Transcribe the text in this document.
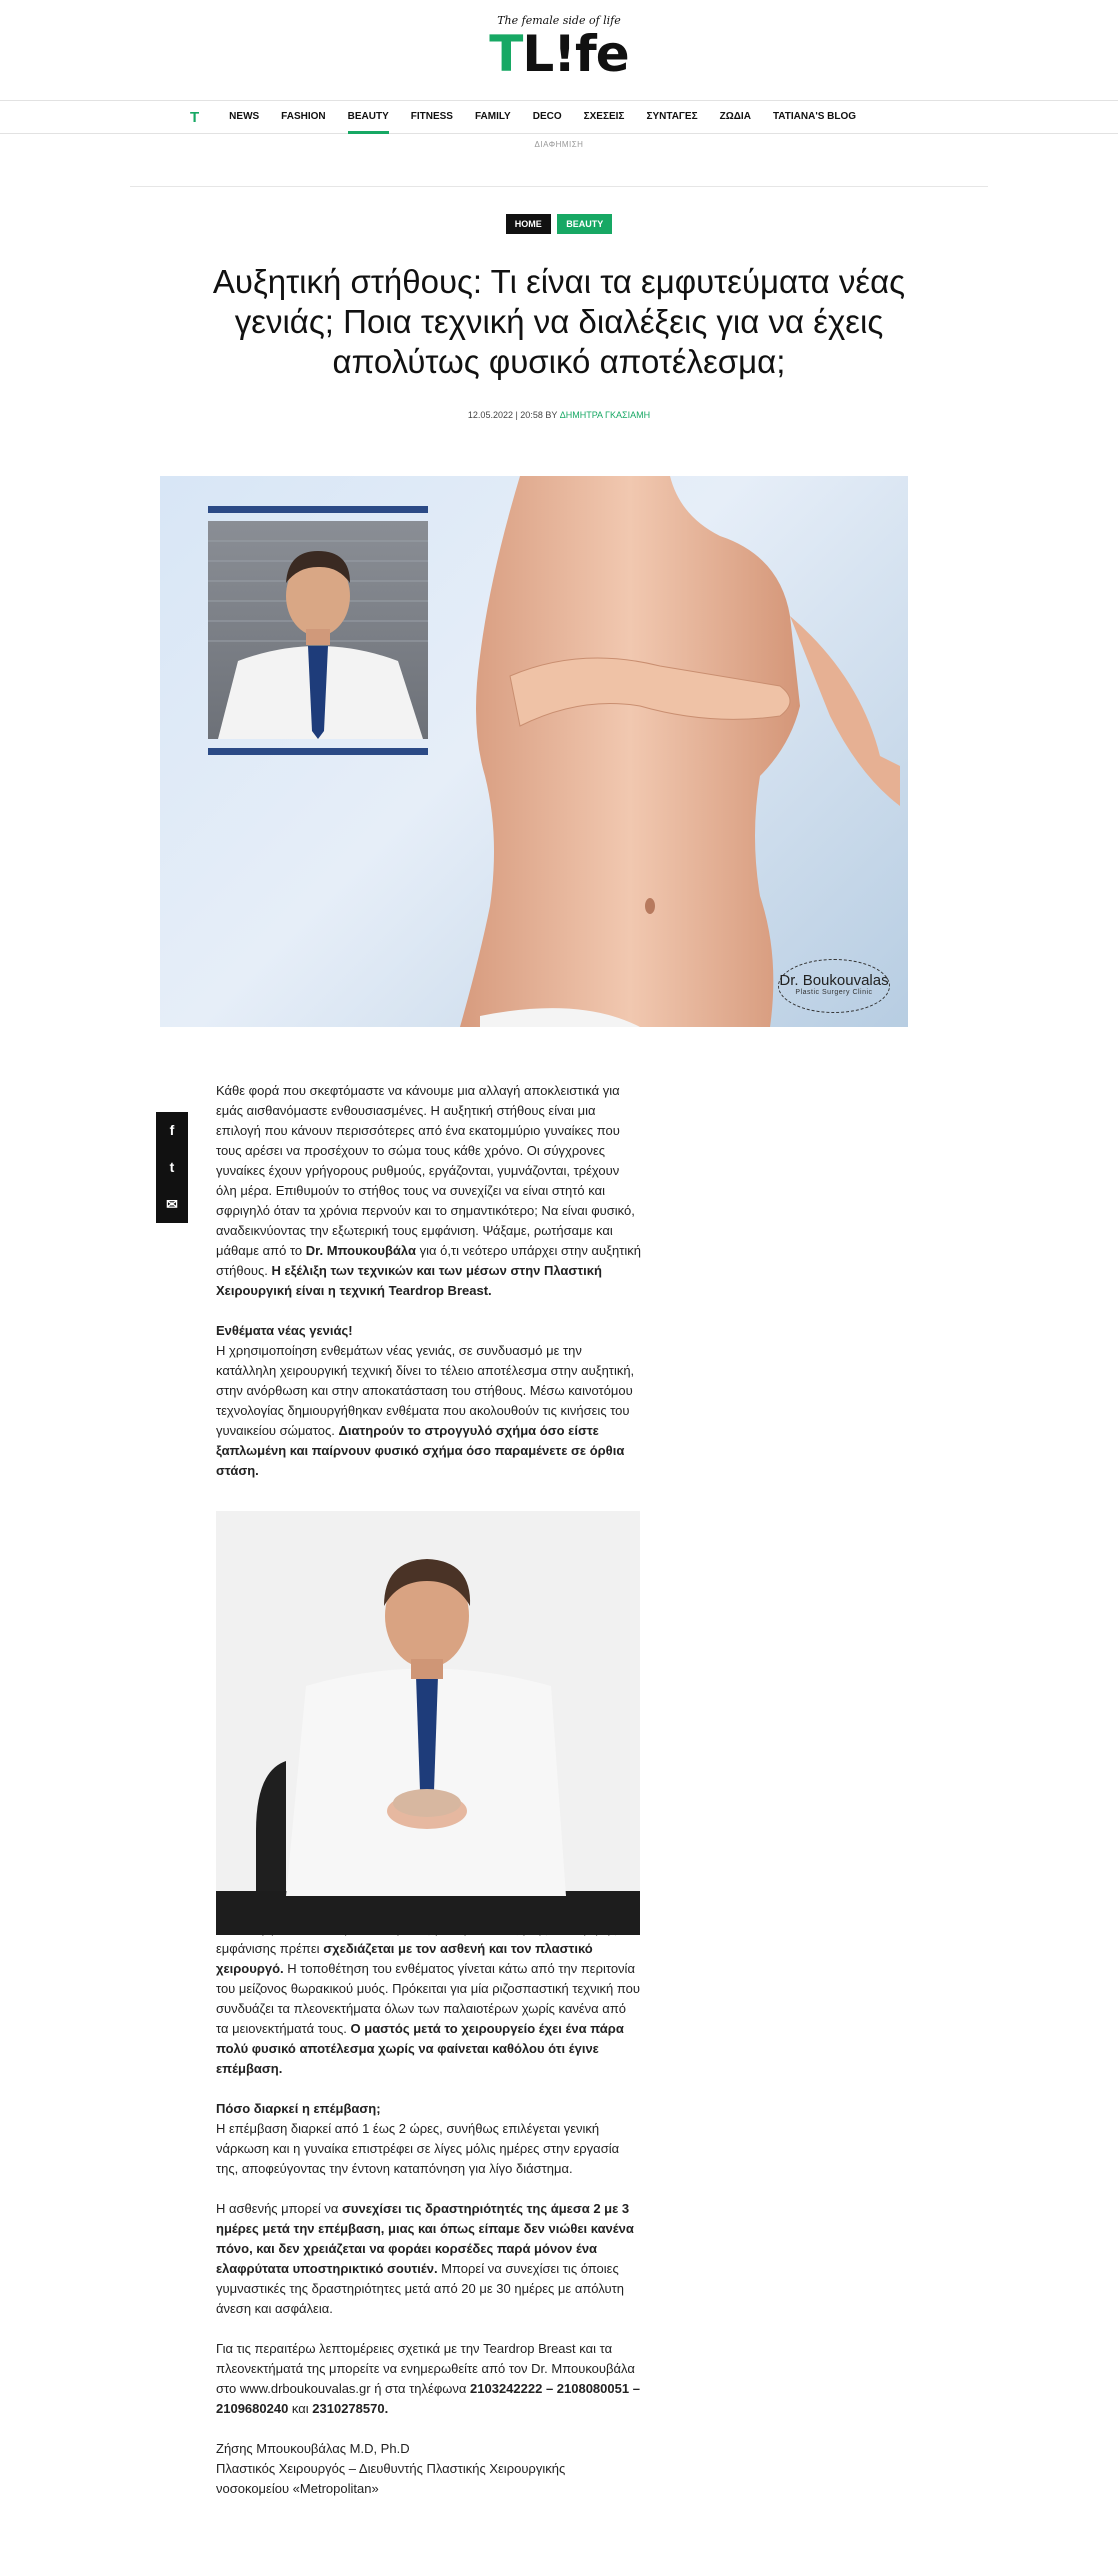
The female side of life
TL!fe
T	NEWS FASHION BEAUTY FITNESS FAMILY DECO ΣΧΕΣΕΙΣ ΣΥΝΤΑΓΕΣ ΖΩΔΙΑ TATIANA'S BLOG
ΔΙΑΦΗΜΙΣΗ
HOME	BEAUTY
Αυξητική στήθους: Τι είναι τα εμφυτεύματα νέας γενιάς; Ποια τεχνική να διαλέξεις για να έχεις απολύτως φυσικό αποτέλεσμα;
12.05.2022 | 20:58 BY ΔΗΜΗΤΡΑ ΓΚΑΣΙΑΜΗ
Dr. Boukouvalas
Plastic Surgery Clinic
f
t
✉

Κάθε φορά που σκεφτόμαστε να κάνουμε μια αλλαγή αποκλειστικά για εμάς αισθανόμαστε ενθουσιασμένες. Η αυξητική στήθους είναι μια επιλογή που κάνουν περισσότερες από ένα εκατομμύριο γυναίκες που τους αρέσει να προσέχουν το σώμα τους κάθε χρόνο. Οι σύγχρονες γυναίκες έχουν γρήγορους ρυθμούς, εργάζονται, γυμνάζονται, τρέχουν όλη μέρα. Επιθυμούν το στήθος τους να συνεχίζει να είναι στητό και σφριγηλό όταν τα χρόνια περνούν και το σημαντικότερο; Να είναι φυσικό, αναδεικνύοντας την εξωτερική τους εμφάνιση. Ψάξαμε, ρωτήσαμε και μάθαμε από το Dr. Μπουκουβάλα για ό,τι νεότερο υπάρχει στην αυξητική στήθους. Η εξέλιξη των τεχνικών και των μέσων στην Πλαστική Χειρουργική είναι η τεχνική Teardrop Breast.

Ενθέματα νέας γενιάς!
Η χρησιμοποίηση ενθεμάτων νέας γενιάς, σε συνδυασμό με την κατάλληλη χειρουργική τεχνική δίνει το τέλειο αποτέλεσμα στην αυξητική, στην ανόρθωση και στην αποκατάσταση του στήθους. Μέσω καινοτόμου τεχνολογίας δημιουργήθηκαν ενθέματα που ακολουθούν τις κινήσεις του γυναικείου σώματος. Διατηρούν το στρογγυλό σχήμα όσο είστε ξαπλωμένη και παίρνουν φυσικό σχήμα όσο παραμένετε σε όρθια στάση.

εμφάνισης πρέπει σχεδιάζεται με τον ασθενή και τον πλαστικό χειρουργό. Η τοποθέτηση του ενθέματος γίνεται κάτω από την περιτονία του μείζονος θωρακικού μυός. Πρόκειται για μία ριζοσπαστική τεχνική που συνδυάζει τα πλεονεκτήματα όλων των παλαιοτέρων χωρίς κανένα από τα μειονεκτήματά τους. Ο μαστός μετά το χειρουργείο έχει ένα πάρα πολύ φυσικό αποτέλεσμα χωρίς να φαίνεται καθόλου ότι έγινε επέμβαση.

Πόσο διαρκεί η επέμβαση;
Η επέμβαση διαρκεί από 1 έως 2 ώρες, συνήθως επιλέγεται γενική νάρκωση και η γυναίκα επιστρέφει σε λίγες μόλις ημέρες στην εργασία της, αποφεύγοντας την έντονη καταπόνηση για λίγο διάστημα.

Η ασθενής μπορεί να συνεχίσει τις δραστηριότητές της άμεσα 2 με 3 ημέρες μετά την επέμβαση, μιας και όπως είπαμε δεν νιώθει κανένα πόνο, και δεν χρειάζεται να φοράει κορσέδες παρά μόνον ένα ελαφρύτατα υποστηρικτικό σουτιέν. Μπορεί να συνεχίσει τις όποιες γυμναστικές της δραστηριότητες μετά από 20 με 30 ημέρες με απόλυτη άνεση και ασφάλεια.

Για τις περαιτέρω λεπτομέρειες σχετικά με την Teardrop Breast και τα πλεονεκτήματά της μπορείτε να ενημερωθείτε από τον Dr. Μπουκουβάλα στο www.drboukouvalas.gr ή στα τηλέφωνα 2103242222 – 2108080051 – 2109680240 και 2310278570.

Ζήσης Μπουκουβάλας M.D, Ph.D
Πλαστικός Χειρουργός – Διευθυντής Πλαστικής Χειρουργικής νοσοκομείου «Metropolitan»
